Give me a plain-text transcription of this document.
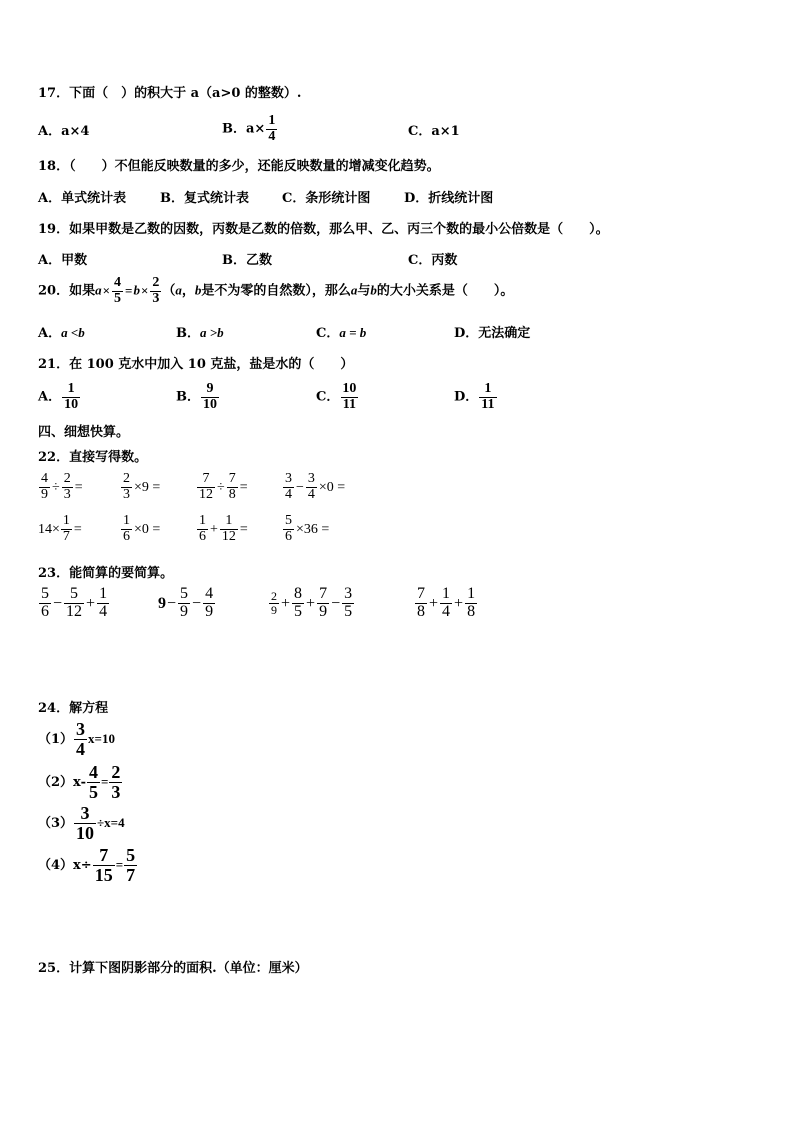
17．下面（　）的积大于 a（a>0 的整数）.
A．a×4	B．$a\times \frac{1}{4}$	C．a×1
18．（　　）不但能反映数量的多少，还能反映数量的增减变化趋势。
A．单式统计表	B．复式统计表	C．条形统计图	D．折线统计图
19．如果甲数是乙数的因数，丙数是乙数的倍数，那么甲、乙、丙三个数的最小公倍数是（　　）。
A．甲数	B．乙数	C．丙数
20．如果$a\times \frac{4}{5} =b\times \frac{2}{3} (a$，b是不为零的自然数），那么a与b的大小关系是（　　）。
A．a <b	B．a >b	C．a = b	D．无法确定
21．在 100 克水中加入 10 克盐，盐是水的（　　）
A． $\frac{1}{10}$	B． $\frac{9}{10}$	C． $\frac{10}{11}$	D． $\frac{1}{11}$
四、细想快算。
22．直接写得数。
$\frac{4}{9} \div \frac{2}{3}$ =	$\frac{2}{3} \times 9$ =	$\frac{7}{12} \div \frac{7}{8}$ =	$\frac{3}{4} - \frac{3}{4} \times 0$ =
$14\times \frac{1}{7}$ =	$\frac{1}{6} \times 0$ =	$\frac{1}{6} + \frac{1}{12}$ =	$\frac{5}{6} \times 36$ =
23．能简算的要简算。
$\frac{5}{6} - \frac{5}{12} + \frac{1}{4}$	$9- \frac{5}{9} - \frac{4}{9}$	$\frac{2}{9} + \frac{8}{5} + \frac{7}{9} - \frac{3}{5}$	$\frac{7}{8} + \frac{1}{4} + \frac{1}{8}$
24．解方程
$(1) \frac{3}{4} x=10$
$(2)x- \frac{4}{5} = \frac{2}{3}$
$(3) \frac{3}{10} \div x=4$
$(4)x\div \frac{7}{15} = \frac{5}{7}$
25．计算下图阴影部分的面积.（单位：厘米）
